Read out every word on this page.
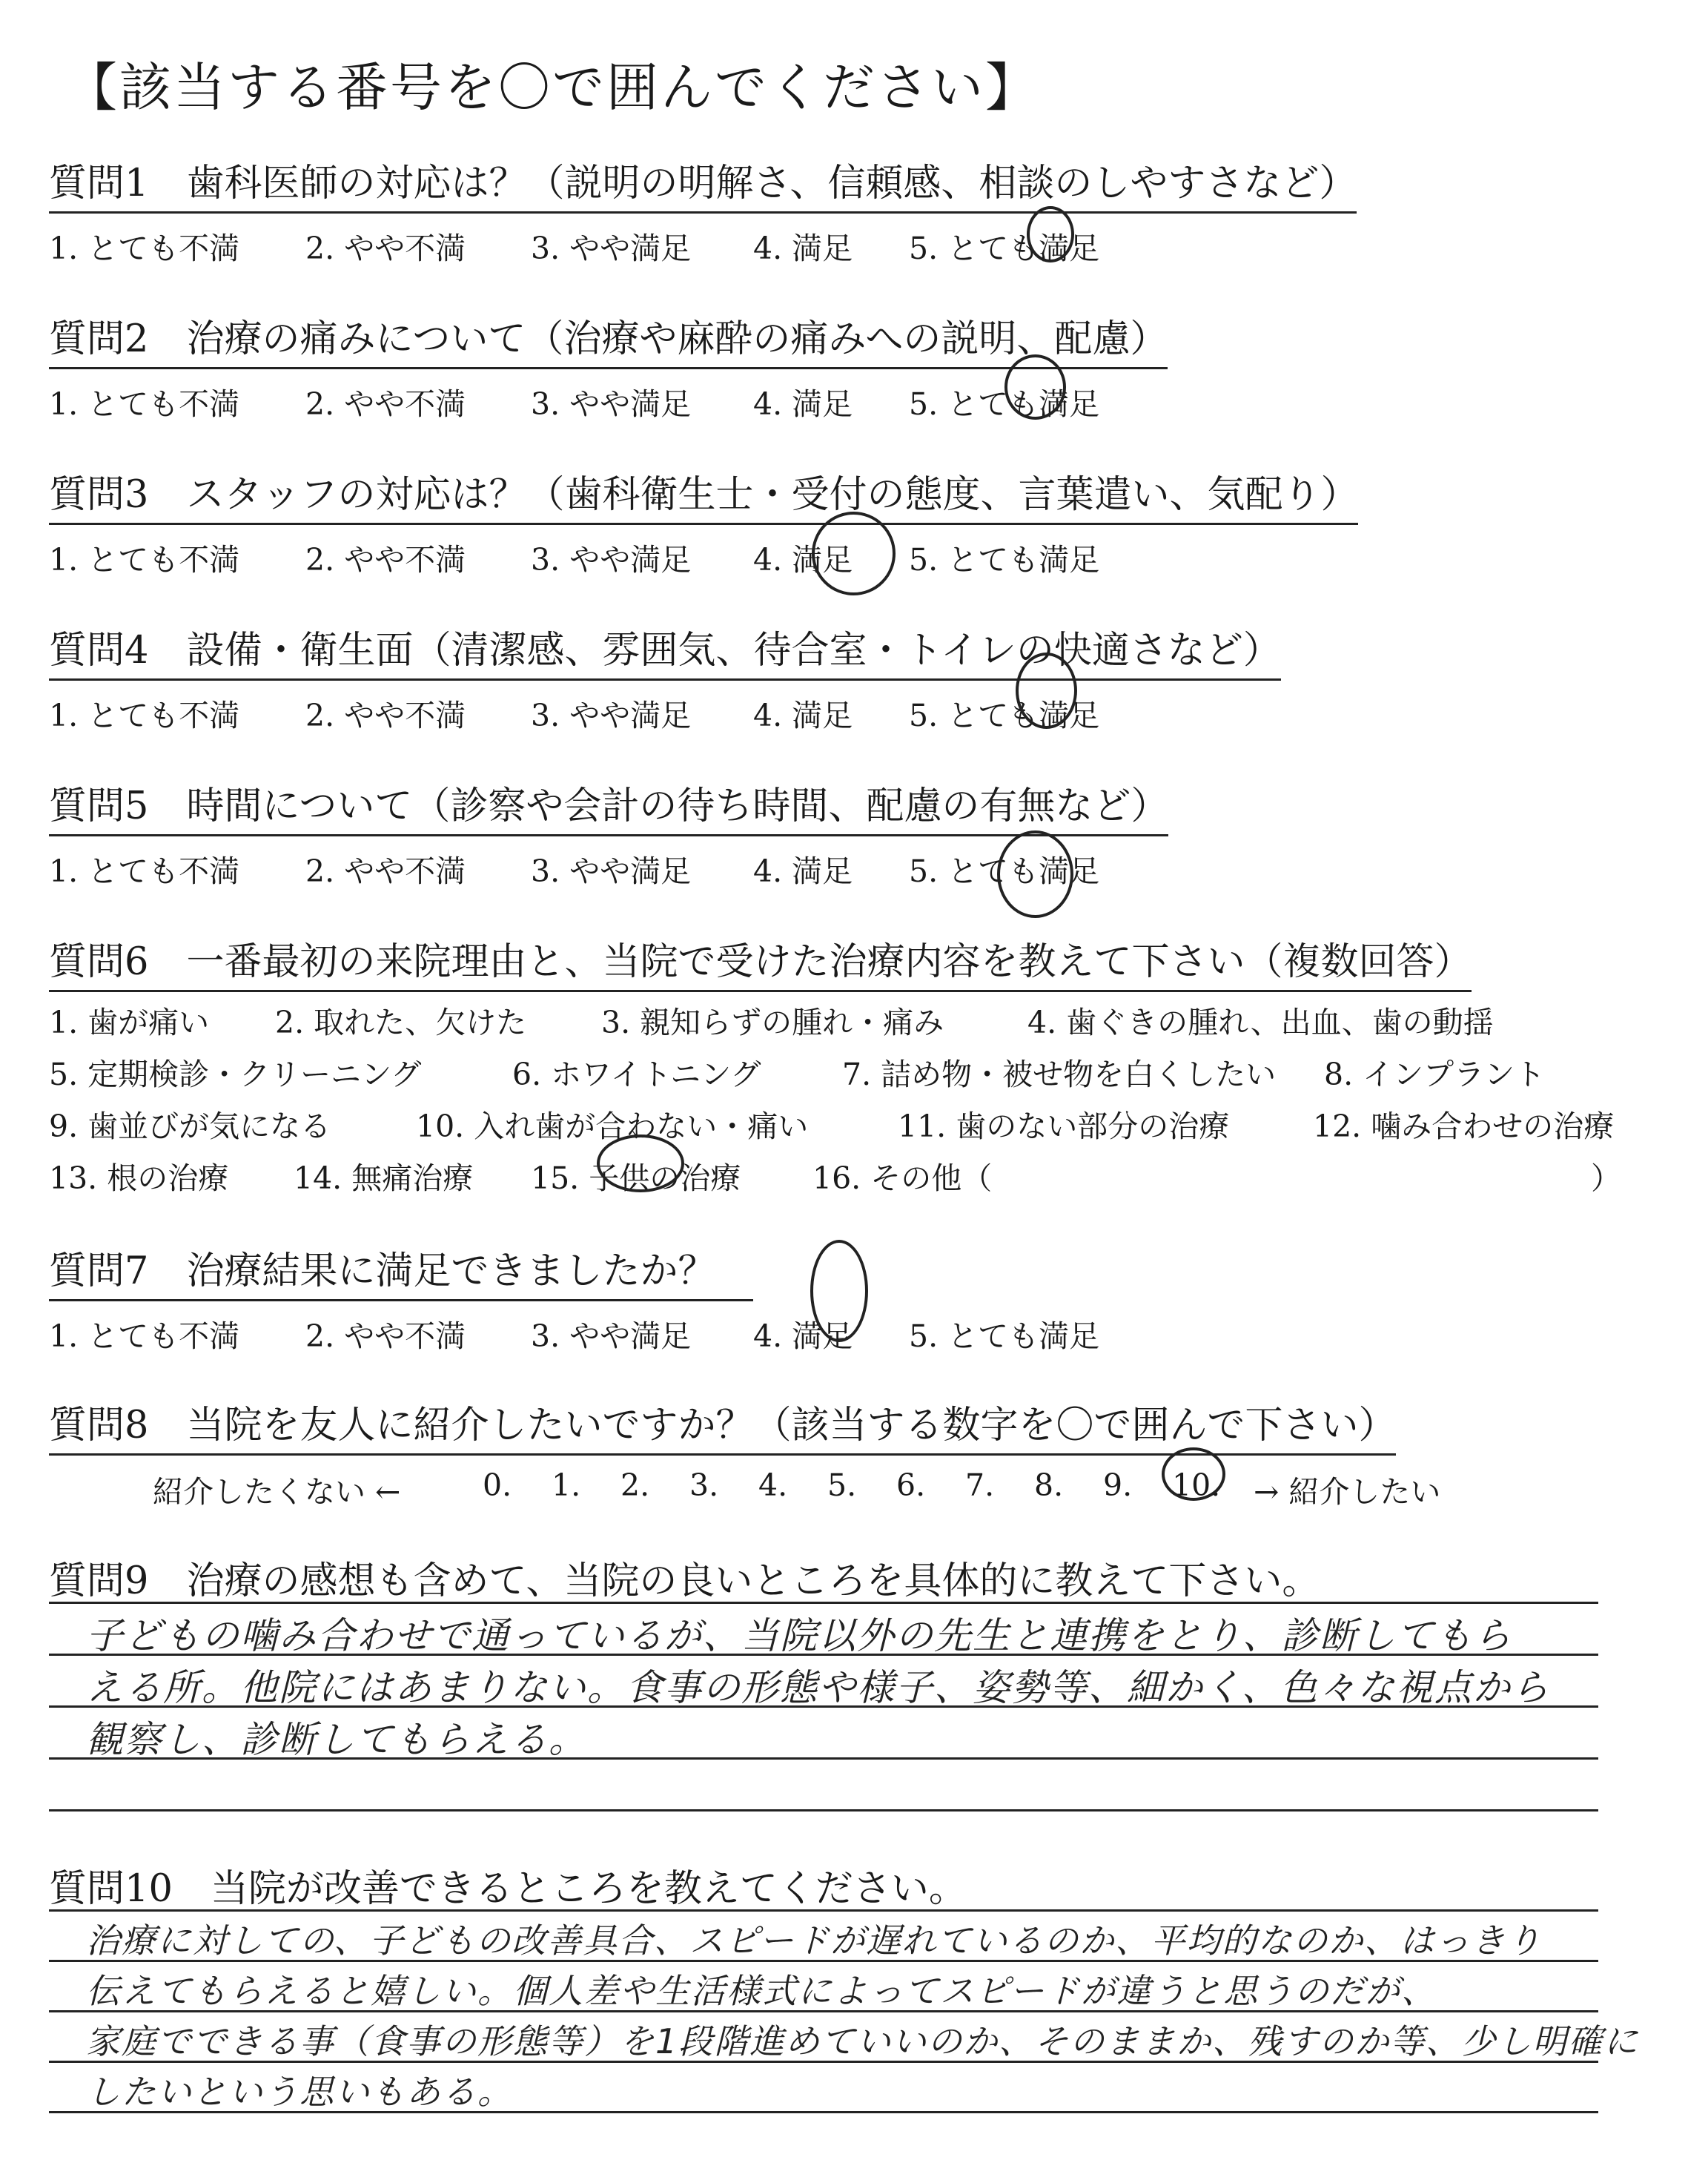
【該当する番号を〇で囲んでください】
質問1　歯科医師の対応は？（説明の明解さ、信頼感、相談のしやすさなど）
1. とても不満 2. やや不満 3. やや満足 4. 満足 5. とても満足
質問2　治療の痛みについて（治療や麻酔の痛みへの説明、配慮）
1. とても不満 2. やや不満 3. やや満足 4. 満足 5. とても満足
質問3　スタッフの対応は？（歯科衛生士・受付の態度、言葉遣い、気配り）
1. とても不満 2. やや不満 3. やや満足 4. 満足 5. とても満足
質問4　設備・衛生面（清潔感、雰囲気、待合室・トイレの快適さなど）
1. とても不満 2. やや不満 3. やや満足 4. 満足 5. とても満足
質問5　時間について（診察や会計の待ち時間、配慮の有無など）
1. とても不満 2. やや不満 3. やや満足 4. 満足 5. とても満足
質問6　一番最初の来院理由と、当院で受けた治療内容を教えて下さい（複数回答）
1. 歯が痛い 2. 取れた、欠けた 3. 親知らずの腫れ・痛み	4. 歯ぐきの腫れ、出血、歯の動揺
5. 定期検診・クリーニング	6. ホワイトニング	7. 詰め物・被せ物を白くしたい 8. インプラント
9. 歯並びが気になる	10. 入れ歯が合わない・痛い	11. 歯のない部分の治療	12. 噛み合わせの治療
13. 根の治療 14. 無痛治療 15. 子供の治療 16. その他（	）
質問7　治療結果に満足できましたか？
1. とても不満 2. やや不満 3. やや満足 4. 満足 5. とても満足
質問8　当院を友人に紹介したいですか？（該当する数字を〇で囲んで下さい）
紹介したくない ←	0. 1. 2. 3. 4. 5. 6. 7. 8. 9. 10. → 紹介したい
質問9　治療の感想も含めて、当院の良いところを具体的に教えて下さい。
子どもの噛み合わせで通っているが、当院以外の先生と連携をとり、診断してもら
える所。他院にはあまりない。食事の形態や様子、姿勢等、細かく、色々な視点から
観察し、診断してもらえる。
質問10　当院が改善できるところを教えてください。
治療に対しての、子どもの改善具合、スピードが遅れているのか、平均的なのか、はっきり
伝えてもらえると嬉しい。個人差や生活様式によってスピードが違うと思うのだが、
家庭でできる事（食事の形態等）を1段階進めていいのか、そのままか、残すのか等、少し明確に
したいという思いもある。
